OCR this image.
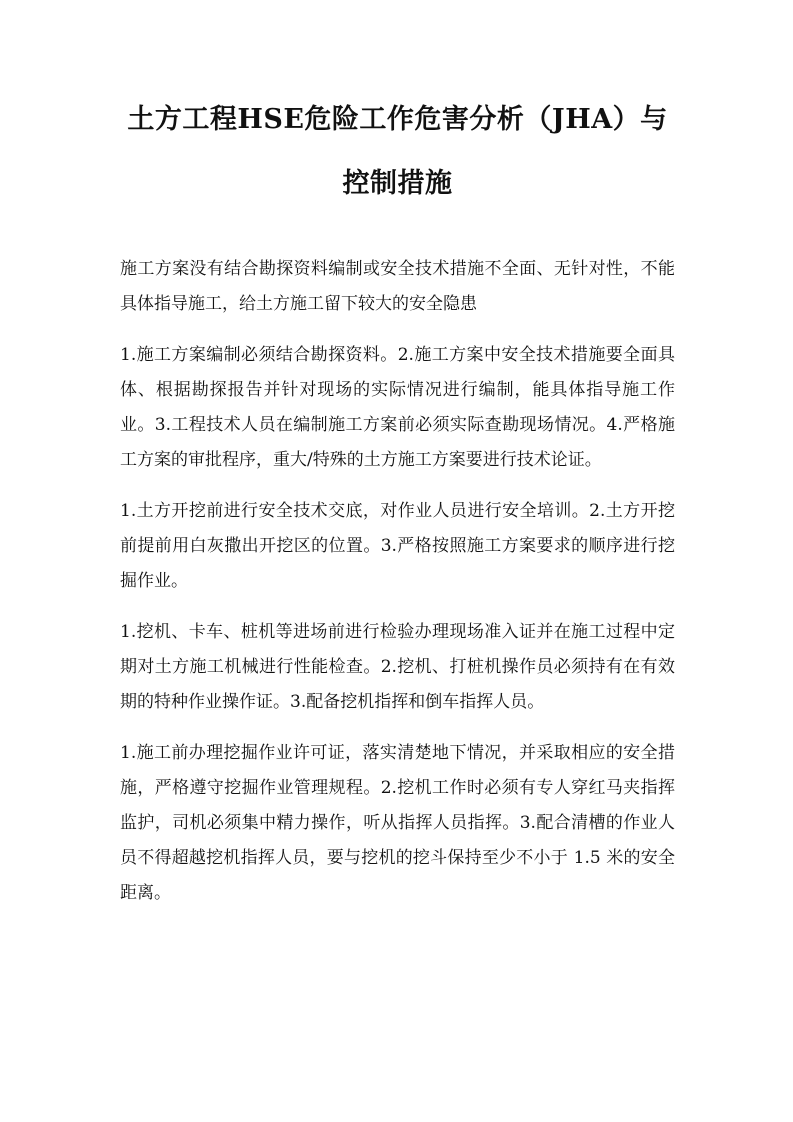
土方工程HSE危险工作危害分析（JHA）与
控制措施

施工方案没有结合勘探资料编制或安全技术措施不全面、无针对性，不能具体指导施工，给土方施工留下较大的安全隐患

1.施工方案编制必须结合勘探资料。2.施工方案中安全技术措施要全面具体、根据勘探报告并针对现场的实际情况进行编制，能具体指导施工作业。3.工程技术人员在编制施工方案前必须实际查勘现场情况。4.严格施工方案的审批程序，重大/特殊的土方施工方案要进行技术论证。

1.土方开挖前进行安全技术交底，对作业人员进行安全培训。2.土方开挖前提前用白灰撒出开挖区的位置。3.严格按照施工方案要求的顺序进行挖掘作业。

1.挖机、卡车、桩机等进场前进行检验办理现场准入证并在施工过程中定期对土方施工机械进行性能检查。2.挖机、打桩机操作员必须持有在有效期的特种作业操作证。3.配备挖机指挥和倒车指挥人员。

1.施工前办理挖掘作业许可证，落实清楚地下情况，并采取相应的安全措施，严格遵守挖掘作业管理规程。2.挖机工作时必须有专人穿红马夹指挥监护，司机必须集中精力操作，听从指挥人员指挥。3.配合清槽的作业人员不得超越挖机指挥人员，要与挖机的挖斗保持至少不小于 1.5 米的安全距离。
